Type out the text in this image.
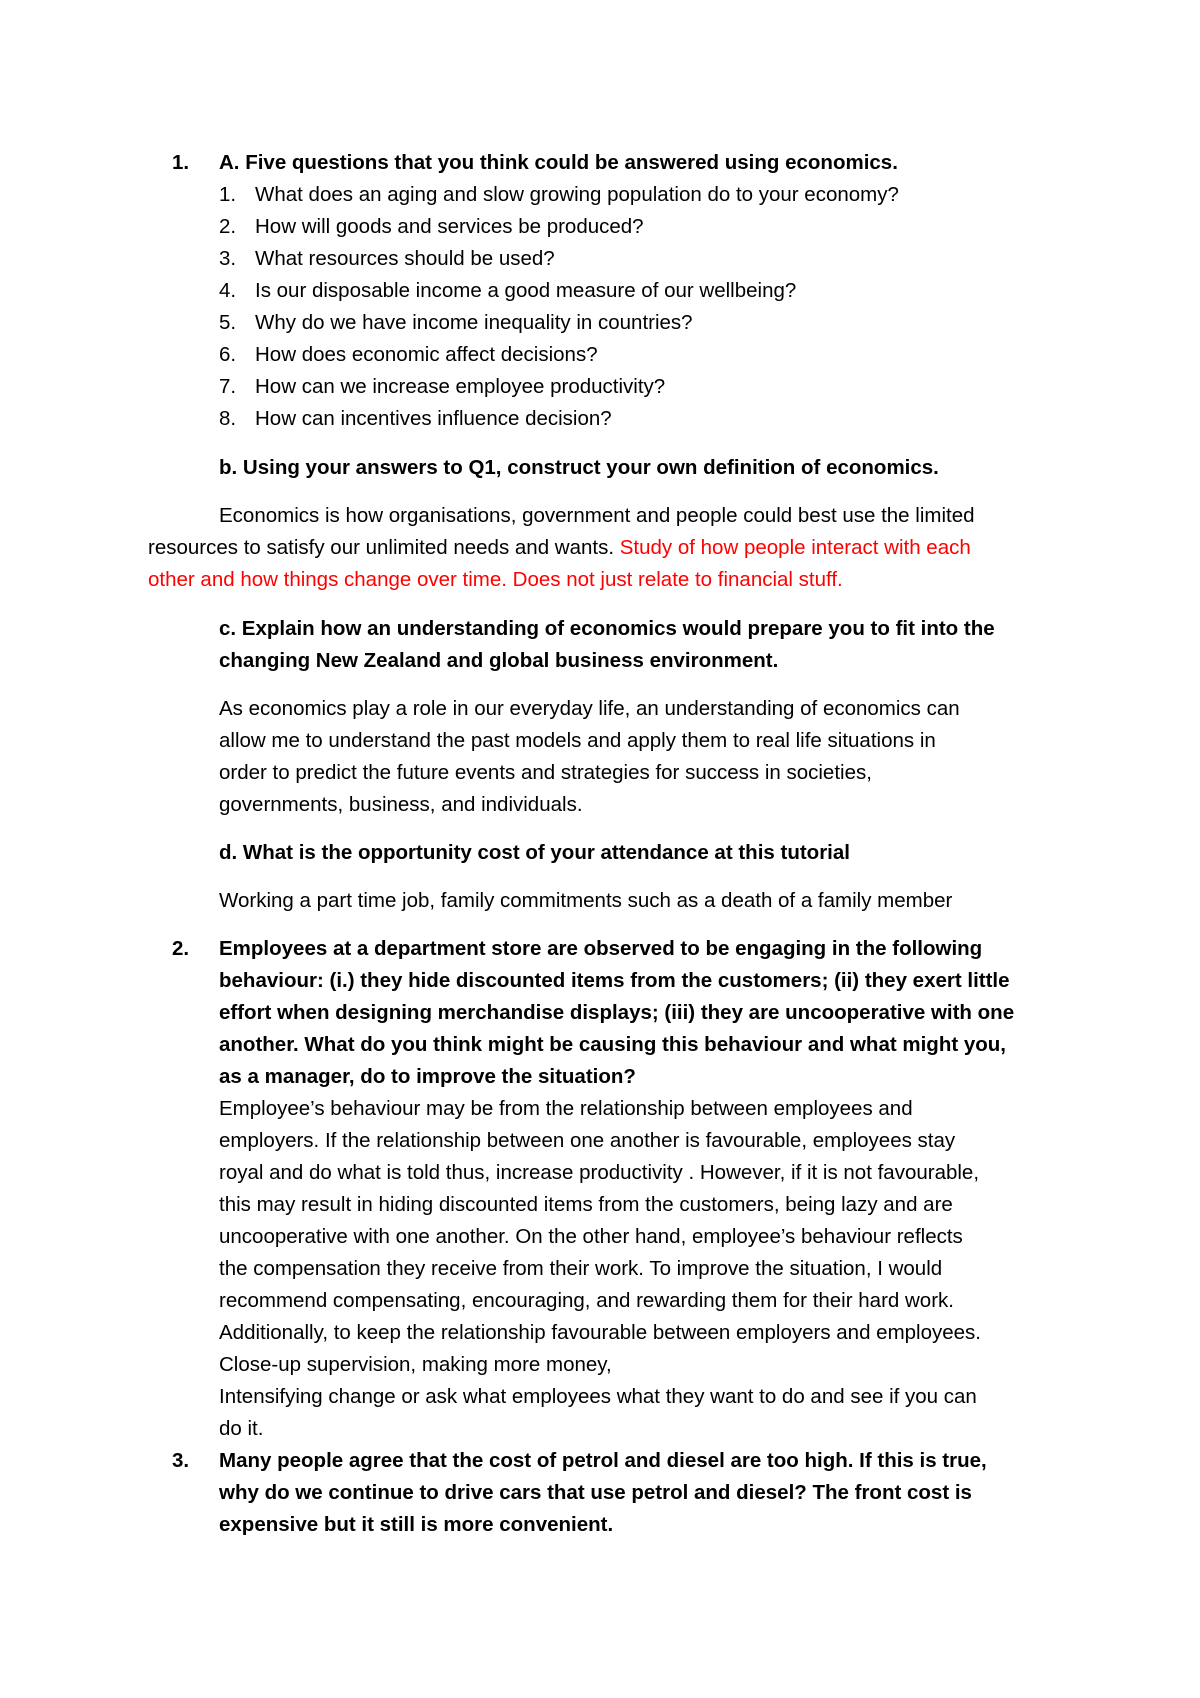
1. A. Five questions that you think could be answered using economics.
1. What does an aging and slow growing population do to your economy?
2. How will goods and services be produced?
3. What resources should be used?
4. Is our disposable income a good measure of our wellbeing?
5. Why do we have income inequality in countries?
6. How does economic affect decisions?
7. How can we increase employee productivity?
8. How can incentives influence decision?
b. Using your answers to Q1, construct your own definition of economics.
Economics is how organisations, government and people could best use the limited
resources to satisfy our unlimited needs and wants. Study of how people interact with each
other and how things change over time. Does not just relate to financial stuff.
c. Explain how an understanding of economics would prepare you to fit into the
changing New Zealand and global business environment.
As economics play a role in our everyday life, an understanding of economics can
allow me to understand the past models and apply them to real life situations in
order to predict the future events and strategies for success in societies,
governments, business, and individuals.
d. What is the opportunity cost of your attendance at this tutorial
Working a part time job, family commitments such as a death of a family member
2. Employees at a department store are observed to be engaging in the following
behaviour: (i.) they hide discounted items from the customers; (ii) they exert little
effort when designing merchandise displays; (iii) they are uncooperative with one
another. What do you think might be causing this behaviour and what might you,
as a manager, do to improve the situation?
Employee’s behaviour may be from the relationship between employees and
employers. If the relationship between one another is favourable, employees stay
royal and do what is told thus, increase productivity . However, if it is not favourable,
this may result in hiding discounted items from the customers, being lazy and are
uncooperative with one another. On the other hand, employee’s behaviour reflects
the compensation they receive from their work. To improve the situation, I would
recommend compensating, encouraging, and rewarding them for their hard work.
Additionally, to keep the relationship favourable between employers and employees.
Close-up supervision, making more money,
Intensifying change or ask what employees what they want to do and see if you can
do it.
3. Many people agree that the cost of petrol and diesel are too high. If this is true,
why do we continue to drive cars that use petrol and diesel? The front cost is
expensive but it still is more convenient.
